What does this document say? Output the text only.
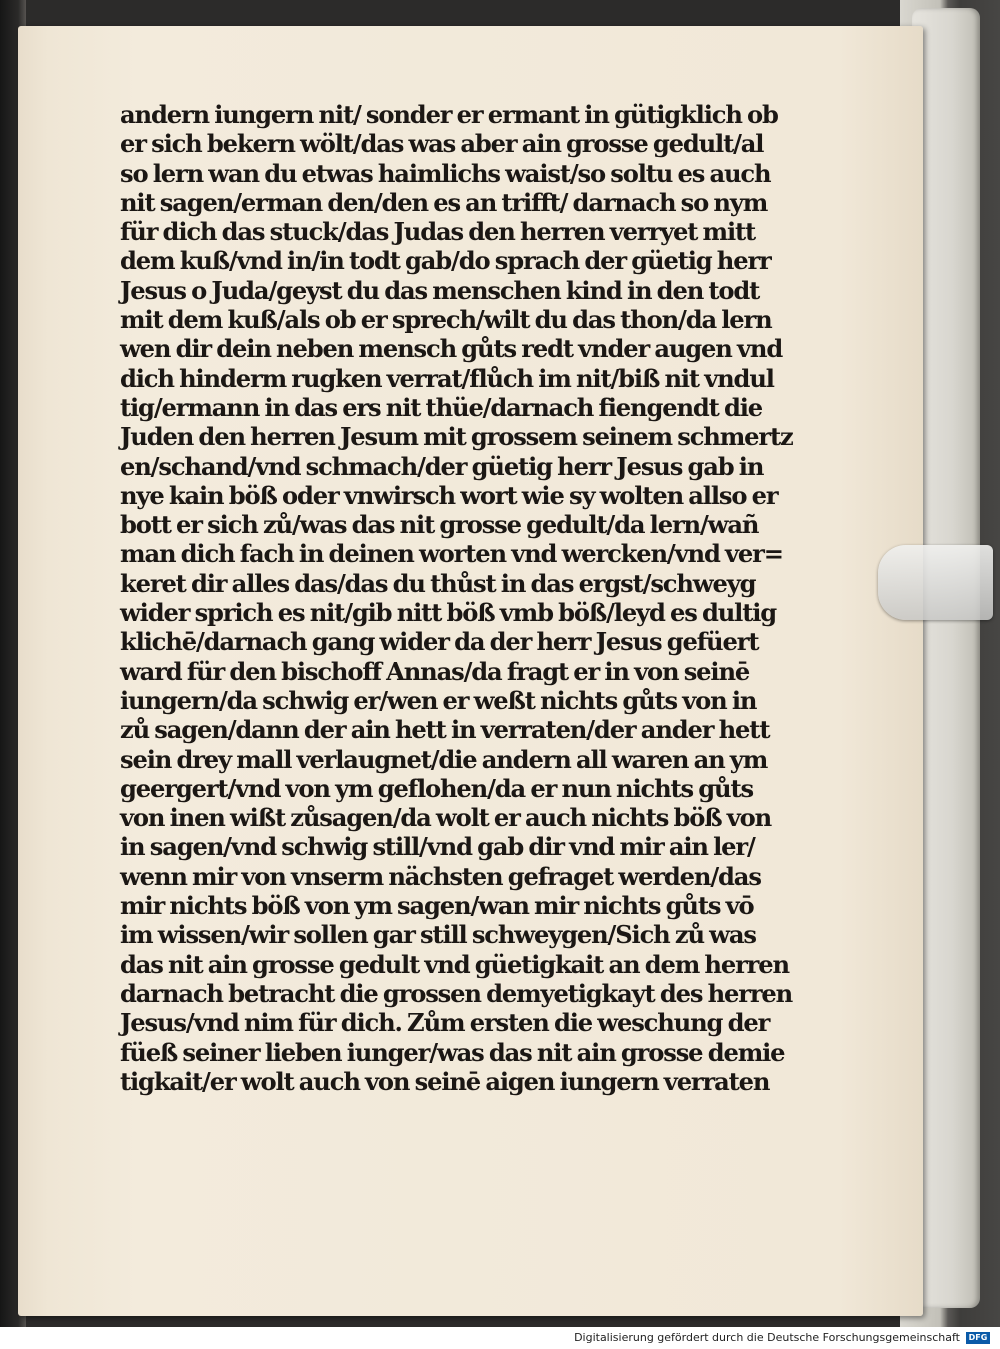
andern iungern nit/ sonder er ermant in gütigklich ob
er sich bekern wölt/das was aber ain grosse gedult/al
so lern wan du etwas haimlichs waist/so soltu es auch
nit sagen/erman den/den es an trifft/ darnach so nym
für dich das stuck/das Judas den herren verryet mitt
dem kuß/vnd in/in todt gab/do sprach der güetig herr
Jesus o Juda/geyst du das menschen kind in den todt
mit dem kuß/als ob er sprech/wilt du das thon/da lern
wen dir dein neben mensch gůts redt vnder augen vnd
dich hinderm rugken verrat/flůch im nit/biß nit vndul
tig/ermann in das ers nit thüe/darnach fiengendt die
Juden den herren Jesum mit grossem seinem schmertz
en/schand/vnd schmach/der güetig herr Jesus gab in
nye kain böß oder vnwirsch wort wie sy wolten allso er
bott er sich zů/was das nit grosse gedult/da lern/wañ
man dich fach in deinen worten vnd wercken/vnd ver=
keret dir alles das/das du thůst in das ergst/schweyg
wider sprich es nit/gib nitt böß vmb böß/leyd es dultig
klichē/darnach gang wider da der herr Jesus gefüert
ward für den bischoff Annas/da fragt er in von seinē
iungern/da schwig er/wen er weßt nichts gůts von in
zů sagen/dann der ain hett in verraten/der ander hett
sein drey mall verlaugnet/die andern all waren an ym
geergert/vnd von ym geflohen/da er nun nichts gůts
von inen wißt zůsagen/da wolt er auch nichts böß von
in sagen/vnd schwig still/vnd gab dir vnd mir ain ler/
wenn mir von vnserm nächsten gefraget werden/das
mir nichts böß von ym sagen/wan mir nichts gůts vō
im wissen/wir sollen gar still schweygen/Sich zů was
das nit ain grosse gedult vnd güetigkait an dem herren
darnach betracht die grossen demyetigkayt des herren
Jesus/vnd nim für dich. Zům ersten die weschung der
füeß seiner lieben iunger/was das nit ain grosse demie
tigkait/er wolt auch von seinē aigen iungern verraten
Digitalisierung gefördert durch die Deutsche Forschungsgemeinschaft	DFG
